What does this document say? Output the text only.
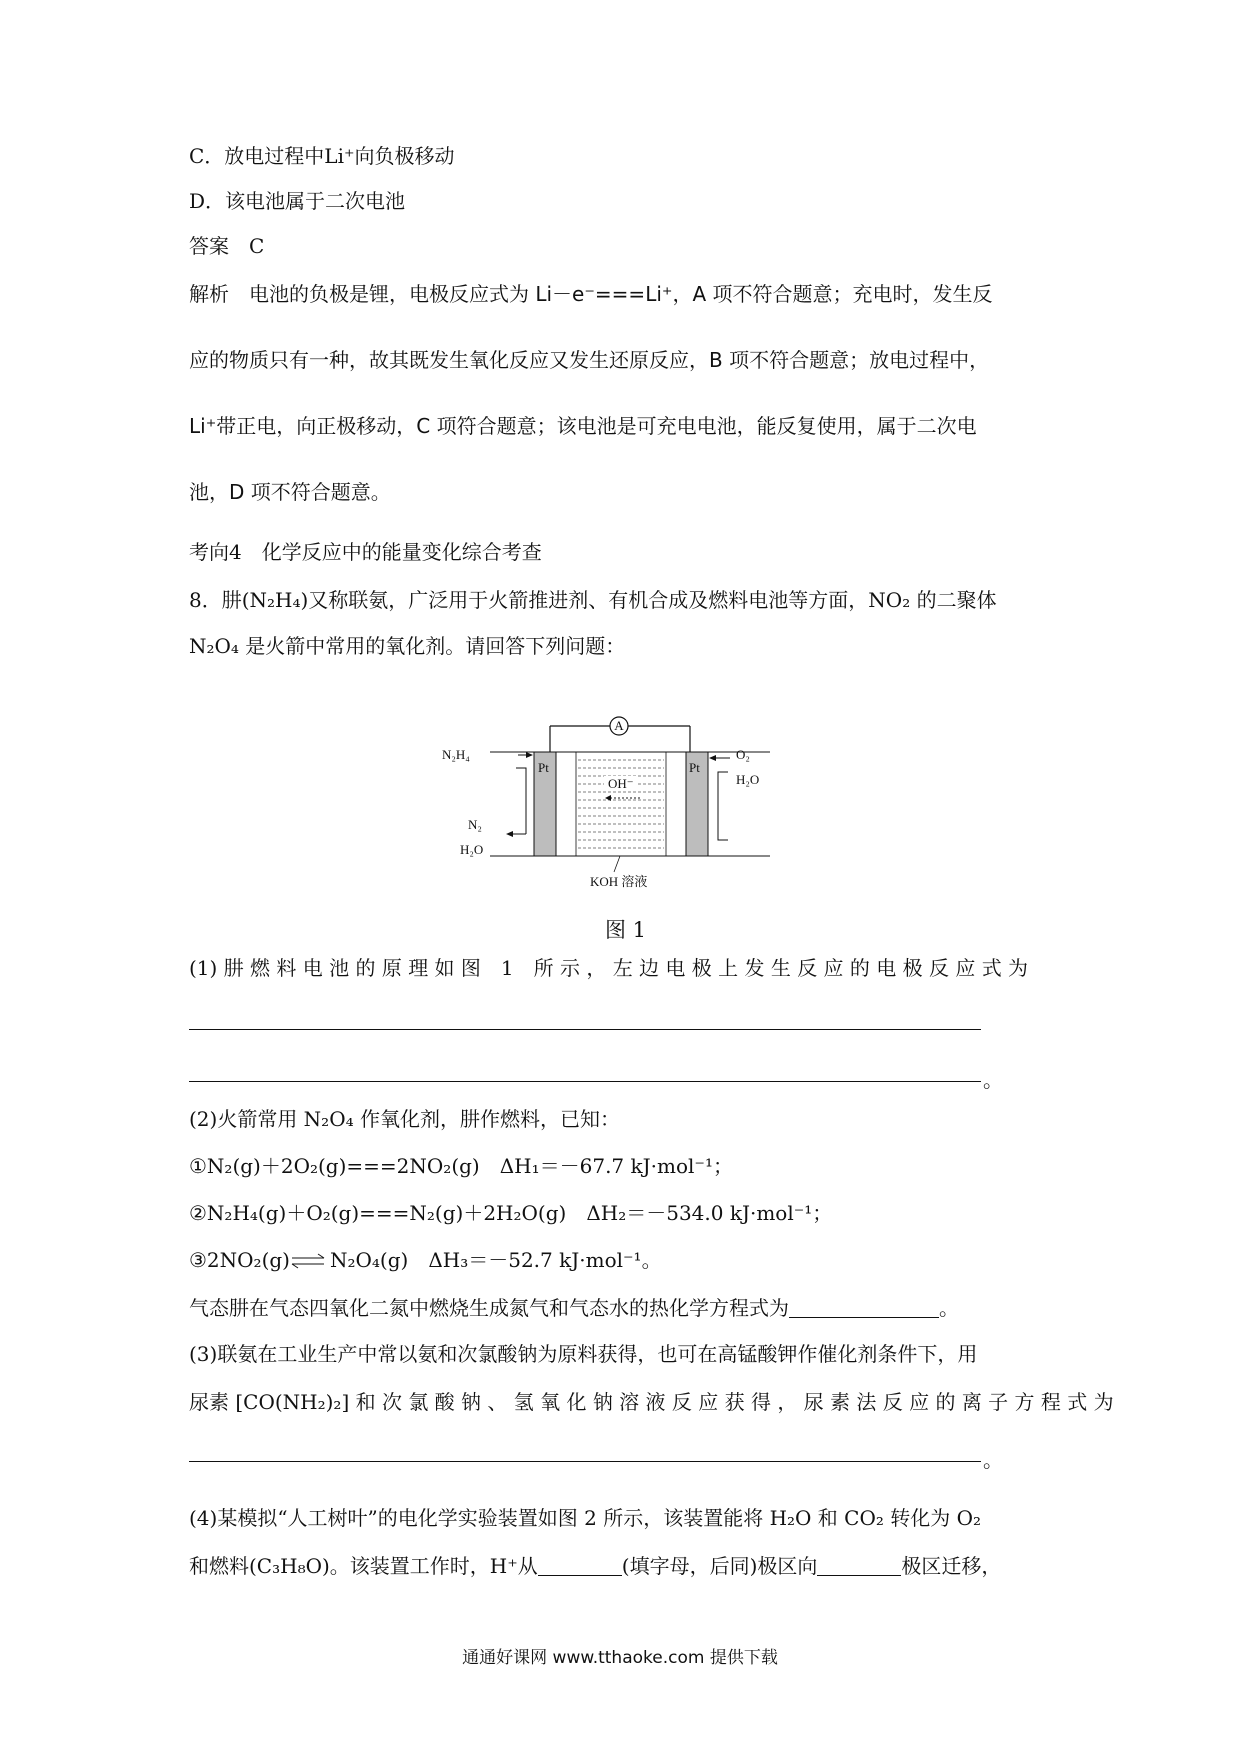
C．放电过程中Li⁺向负极移动
D．该电池属于二次电池
答案　C
解析　电池的负极是锂，电极反应式为 Li－e⁻===Li⁺，A 项不符合题意；充电时，发生反
应的物质只有一种，故其既发生氧化反应又发生还原反应，B 项不符合题意；放电过程中，
Li⁺带正电，向正极移动，C 项符合题意；该电池是可充电电池，能反复使用，属于二次电
池，D 项不符合题意。
考向4　化学反应中的能量变化综合考查
8．肼(N₂H₄)又称联氨，广泛用于火箭推进剂、有机合成及燃料电池等方面，NO₂ 的二聚体
N₂O₄ 是火箭中常用的氧化剂。请回答下列问题：
A
Pt	Pt
OH⁻
N₂H₄
N₂
H₂O
O₂
H₂O
KOH 溶液
图 1
(1) 肼 燃 料 电 池 的 原 理 如 图　1　所 示 ， 左 边 电 极 上 发 生 反 应 的 电 极 反 应 式 为
。
(2)火箭常用 N₂O₄ 作氧化剂，肼作燃料，已知：
①N₂(g)＋2O₂(g)===2NO₂(g)　ΔH₁＝－67.7 kJ·mol⁻¹；
②N₂H₄(g)＋O₂(g)===N₂(g)＋2H₂O(g)　ΔH₂＝－534.0 kJ·mol⁻¹；
③2NO₂(g)　　N₂O₄(g)　ΔH₃＝－52.7 kJ·mol⁻¹。
气态肼在气态四氧化二氮中燃烧生成氮气和气态水的热化学方程式为	。
(3)联氨在工业生产中常以氨和次氯酸钠为原料获得，也可在高锰酸钾作催化剂条件下，用
尿素 [CO(NH₂)₂] 和 次 氯 酸 钠 、 氢 氧 化 钠 溶 液 反 应 获 得 ， 尿 素 法 反 应 的 离 子 方 程 式 为
。
(4)某模拟“人工树叶”的电化学实验装置如图 2 所示，该装置能将 H₂O 和 CO₂ 转化为 O₂
和燃料(C₃H₈O)。该装置工作时，H⁺从	(填字母，后同)极区向	极区迁移，
通通好课网 www.tthaoke.com 提供下载
